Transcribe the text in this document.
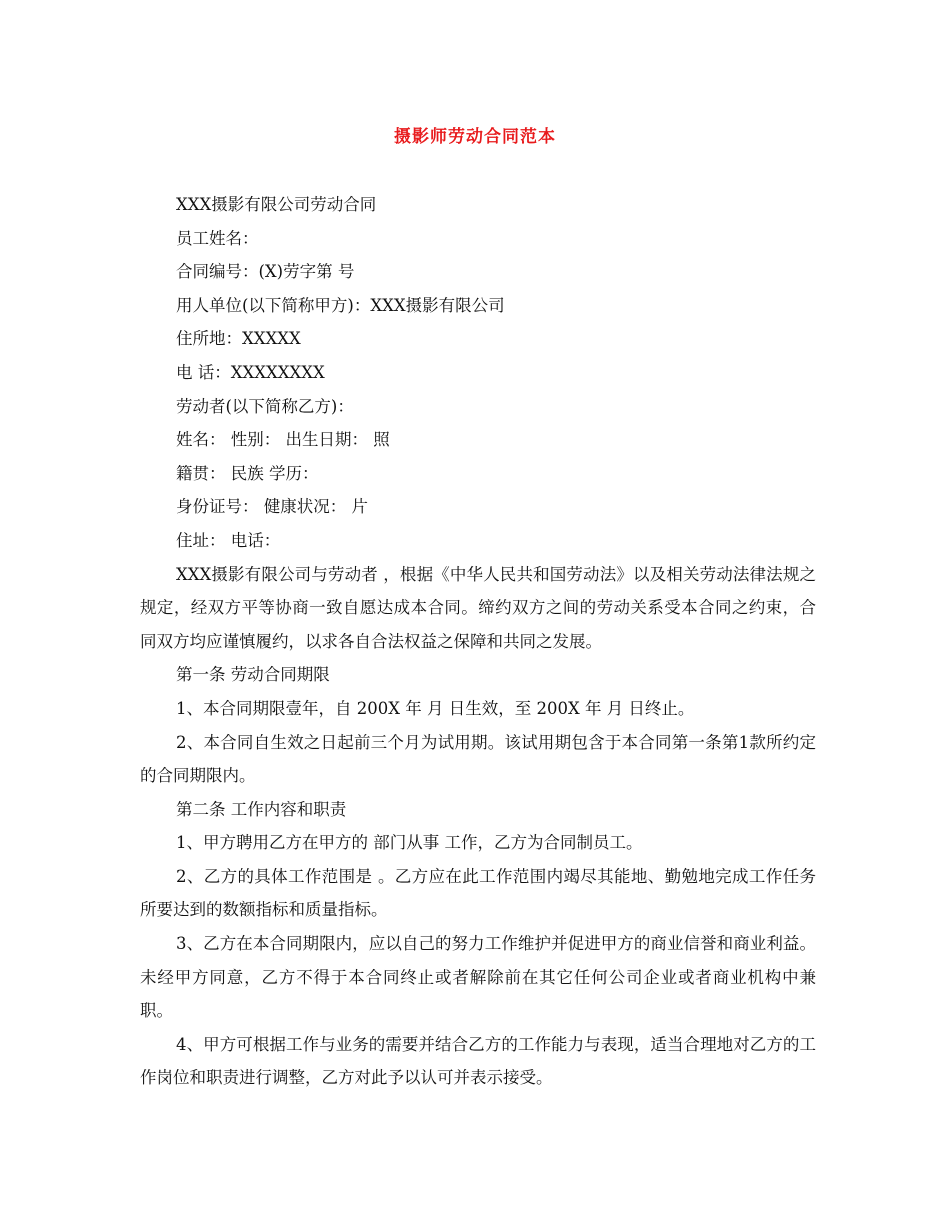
摄影师劳动合同范本

XXX摄影有限公司劳动合同

员工姓名：

合同编号：(X)劳字第 号

用人单位(以下简称甲方)：XXX摄影有限公司

住所地：XXXXX

电 话：XXXXXXXX

劳动者(以下简称乙方)：

姓名： 性别： 出生日期： 照

籍贯： 民族 学历：

身份证号： 健康状况： 片

住址： 电话：

XXX摄影有限公司与劳动者 ，根据《中华人民共和国劳动法》以及相关劳动法律法规之规定，经双方平等协商一致自愿达成本合同。缔约双方之间的劳动关系受本合同之约束，合同双方均应谨慎履约，以求各自合法权益之保障和共同之发展。

第一条 劳动合同期限

1、本合同期限壹年，自 200X 年 月 日生效，至 200X 年 月 日终止。

2、本合同自生效之日起前三个月为试用期。该试用期包含于本合同第一条第1款所约定的合同期限内。

第二条 工作内容和职责

1、甲方聘用乙方在甲方的 部门从事 工作，乙方为合同制员工。

2、乙方的具体工作范围是 。乙方应在此工作范围内竭尽其能地、勤勉地完成工作任务所要达到的数额指标和质量指标。

3、乙方在本合同期限内，应以自己的努力工作维护并促进甲方的商业信誉和商业利益。未经甲方同意，乙方不得于本合同终止或者解除前在其它任何公司企业或者商业机构中兼职。

4、甲方可根据工作与业务的需要并结合乙方的工作能力与表现，适当合理地对乙方的工作岗位和职责进行调整，乙方对此予以认可并表示接受。
